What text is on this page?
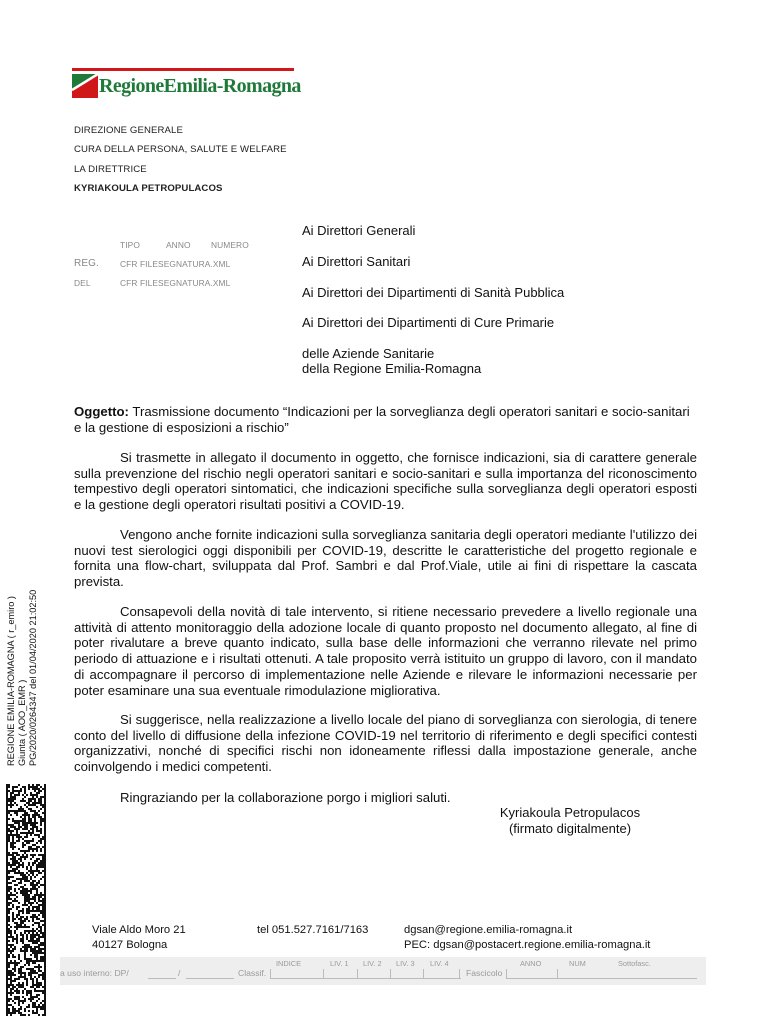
RegioneEmilia-Romagna
DIREZIONE GENERALE
CURA DELLA PERSONA, SALUTE E WELFARE
LA DIRETTRICE
KYRIAKOULA PETROPULACOS
TIPO	ANNO NUMERO
REG.	CFR FILESEGNATURA.XML
DEL	CFR FILESEGNATURA.XML
Ai Direttori Generali
Ai Direttori Sanitari
Ai Direttori dei Dipartimenti di Sanità Pubblica
Ai Direttori dei Dipartimenti di Cure Primarie
delle Aziende Sanitarie
della Regione Emilia-Romagna

Oggetto: Trasmissione documento “Indicazioni per la sorveglianza degli operatori sanitari e socio-sanitari e la gestione di esposizioni a rischio”

Si trasmette in allegato il documento in oggetto, che fornisce indicazioni, sia di carattere generale sulla prevenzione del rischio negli operatori sanitari e socio-sanitari e sulla importanza del riconoscimento tempestivo degli operatori sintomatici, che indicazioni specifiche sulla sorveglianza degli operatori esposti e la gestione degli operatori risultati positivi a COVID-19.

Vengono anche fornite indicazioni sulla sorveglianza sanitaria degli operatori mediante l'utilizzo dei nuovi test sierologici oggi disponibili per COVID-19, descritte le caratteristiche del progetto regionale e fornita una flow-chart, sviluppata dal Prof. Sambri e dal Prof.Viale, utile ai fini di rispettare la cascata prevista.

Consapevoli della novità di tale intervento, si ritiene necessario prevedere a livello regionale una attività di attento monitoraggio della adozione locale di quanto proposto nel documento allegato, al fine di poter rivalutare a breve quanto indicato, sulla base delle informazioni che verranno rilevate nel primo periodo di attuazione e i risultati ottenuti. A tale proposito verrà istituito un gruppo di lavoro, con il mandato di accompagnare il percorso di implementazione nelle Aziende e rilevare le informazioni necessarie per poter esaminare una sua eventuale rimodulazione migliorativa.

Si suggerisce, nella realizzazione a livello locale del piano di sorveglianza con sierologia, di tenere conto del livello di diffusione della infezione COVID-19 nel territorio di riferimento e degli specifici contesti organizzativi, nonché di specifici rischi non idoneamente riflessi dalla impostazione generale, anche coinvolgendo i medici competenti.

Ringraziando per la collaborazione porgo i migliori saluti.

Kyriakoula Petropulacos
(firmato digitalmente)
REGIONE EMILIA-ROMAGNA ( r_emiro ) Giunta ( AOO_EMR ) PG/2020/0264347 del 01/04/2020 21:02:50
Viale Aldo Moro 21
40127 Bologna
tel 051.527.7161/7163	dgsan@regione.emilia-romagna.it
PEC: dgsan@postacert.regione.emilia-romagna.it
INDICE	LIV. 1 LIV. 2 LIV. 3 LIV. 4	ANNO	NUM	Sottofasc.
a uso interno: DP/	/	Classif.	Fascicolo
